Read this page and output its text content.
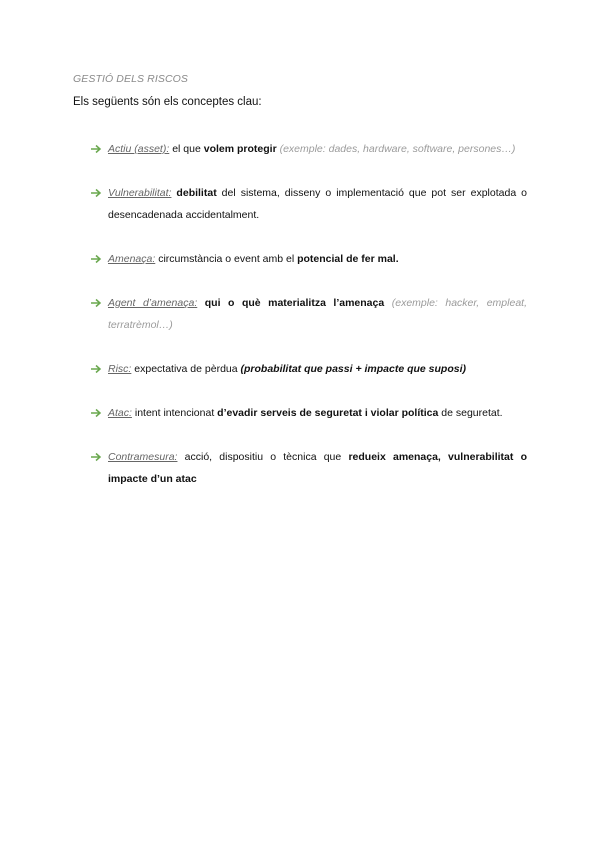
GESTIÓ DELS RISCOS
Els següents són els conceptes clau:
Actiu (asset): el que volem protegir (exemple: dades, hardware, software, persones…)
Vulnerabilitat: debilitat del sistema, disseny o implementació que pot ser explotada o desencadenada accidentalment.
Amenaça: circumstància o event amb el potencial de fer mal.
Agent d’amenaça: qui o què materialitza l’amenaça (exemple: hacker, empleat, terratrèmol…)
Risc: expectativa de pèrdua (probabilitat que passi + impacte que suposi)
Atac: intent intencionat d’evadir serveis de seguretat i violar política de seguretat.
Contramesura: acció, dispositiu o tècnica que redueix amenaça, vulnerabilitat o impacte d’un atac
